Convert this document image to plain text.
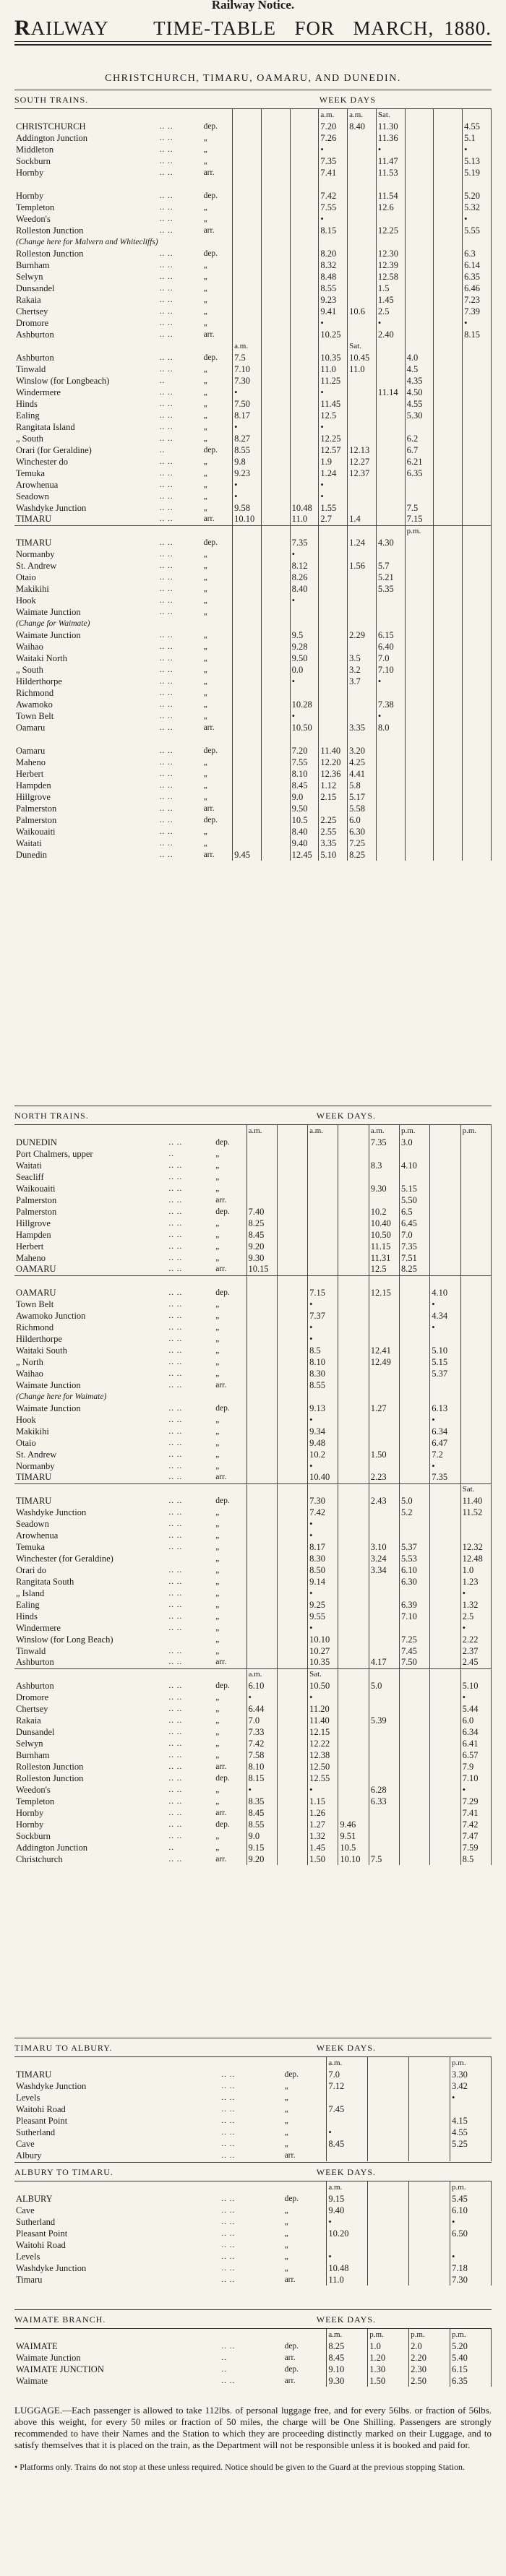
Railway Notice.
R AILWAY TIME-TABLE FOR MARCH, 1880.
CHRISTCHURCH, TIMARU, OAMARU, AND DUNEDIN.
SOUTH TRAINS.	WEEK DAYS
						a.m.	a.m.	Sat.			
CHRISTCHURCH	.. ..	dep.				7.20	8.40	11.30			4.55
Addington Junction	.. ..	„				7.26		11.36			5.1
Middleton	.. ..	„				•		•			•
Sockburn	.. ..	„				7.35		11.47			5.13
Hornby	.. ..	arr.				7.41		11.53			5.19

Hornby	.. ..	dep.				7.42		11.54			5.20
Templeton	.. ..	„				7.55		12.6			5.32
Weedon's	.. ..	„				•					•
Rolleston Junction	.. ..	arr.				8.15		12.25			5.55
(Change here for Malvern and Whitecliffs)											
Rolleston Junction	.. ..	dep.				8.20		12.30			6.3
Burnham	.. ..	„				8.32		12.39			6.14
Selwyn	.. ..	„				8.48		12.58			6.35
Dunsandel	.. ..	„				8.55		1.5			6.46
Rakaia	.. ..	„				9.23		1.45			7.23
Chertsey	.. ..	„				9.41	10.6	2.5			7.39
Dromore	.. ..	„				•		•			•
Ashburton	.. ..	arr.				10.25		2.40			8.15
			a.m.				Sat.				
Ashburton	.. ..	dep.	7.5			10.35	10.45		4.0		
Tinwald	.. ..	„	7.10			11.0	11.0		4.5		
Winslow (for Longbeach)	..	„	7.30			11.25			4.35		
Windermere	.. ..	„	•			•		11.14	4.50		
Hinds	.. ..	„	7.50			11.45			4.55		
Ealing	.. ..	„	8.17			12.5			5.30		
Rangitata Island	.. ..	„	•			•					
„ South	.. ..	„	8.27			12.25			6.2		
Orari (for Geraldine)	..	dep.	8.55			12.57	12.13		6.7		
Winchester do	.. ..	„	9.8			1.9	12.27		6.21		
Temuka	.. ..	„	9.23			1.24	12.37		6.35		
Arowhenua	.. ..	„	•			•					
Seadown	.. ..	„	•			•					
Washdyke Junction	.. ..	„	9.58		10.48	1.55			7.5		
TIMARU	.. ..	arr.	10.10		11.0	2.7	1.4		7.15		
									p.m.		
TIMARU	.. ..	dep.			7.35		1.24	4.30			
Normanby	.. ..	„			•						
St. Andrew	.. ..	„			8.12		1.56	5.7			
Otaio	.. ..	„			8.26			5.21			
Makikihi	.. ..	„			8.40			5.35			
Hook	.. ..	„			•						
Waimate Junction	.. ..	„									
(Change for Waimate)											
Waimate Junction	.. ..	„			9.5		2.29	6.15			
Waihao	.. ..	„			9.28			6.40			
Waitaki North	.. ..	„			9.50		3.5	7.0			
„ South	.. ..	„			0.0		3.2	7.10			
Hilderthorpe	.. ..	„			•		3.7	•			
Richmond	.. ..	„									
Awamoko	.. ..	„			10.28			7.38			
Town Belt	.. ..	„			•			•			
Oamaru	.. ..	arr.			10.50		3.35	8.0			

Oamaru	.. ..	dep.			7.20	11.40	3.20				
Maheno	.. ..	„			7.55	12.20	4.25				
Herbert	.. ..	„			8.10	12.36	4.41				
Hampden	.. ..	„			8.45	1.12	5.8				
Hillgrove	.. ..	„			9.0	2.15	5.17				
Palmerston	.. ..	arr.			9.50		5.58				
Palmerston	.. ..	dep.			10.5	2.25	6.0				
Waikouaiti	.. ..	„			8.40	2.55	6.30				
Waitati	.. ..	„			9.40	3.35	7.25				
Dunedin	.. ..	arr.	9.45		12.45	5.10	8.25				
NORTH TRAINS.	WEEK DAYS.
			a.m.		a.m.		a.m.	p.m.		p.m.
DUNEDIN	.. ..	dep.					7.35	3.0		
Port Chalmers, upper	..	„								
Waitati	.. ..	„					8.3	4.10		
Seacliff	.. ..	„								
Waikouaiti	.. ..	„					9.30	5.15		
Palmerston	.. ..	arr.						5.50		
Palmerston	.. ..	dep.	7.40				10.2	6.5		
Hillgrove	.. ..	„	8.25				10.40	6.45		
Hampden	.. ..	„	8.45				10.50	7.0		
Herbert	.. ..	„	9.20				11.15	7.35		
Maheno	.. ..	„	9.30				11.31	7.51		
OAMARU	.. ..	arr.	10.15				12.5	8.25		

OAMARU	.. ..	dep.			7.15		12.15		4.10	
Town Belt	.. ..	„			•				•	
Awamoko Junction	.. ..	„			7.37				4.34	
Richmond	.. ..	„			•				•	
Hilderthorpe	.. ..	„			•					
Waitaki South	.. ..	„			8.5		12.41		5.10	
„ North	.. ..	„			8.10		12.49		5.15	
Waihao	.. ..	„			8.30				5.37	
Waimate Junction	.. ..	arr.			8.55					
(Change here for Waimate)										
Waimate Junction	.. ..	dep.			9.13		1.27		6.13	
Hook	.. ..	„			•				•	
Makikihi	.. ..	„			9.34				6.34	
Otaio	.. ..	„			9.48				6.47	
St. Andrew	.. ..	„			10.2		1.50		7.2	
Normanby	.. ..	„			•				•	
TIMARU	.. ..	arr.			10.40		2.23		7.35	
										Sat.
TIMARU	.. ..	dep.			7.30		2.43	5.0		11.40
Washdyke Junction	.. ..	„			7.42			5.2		11.52
Seadown	.. ..	„			•					
Arowhenua	.. ..	„			•					
Temuka	.. ..	„			8.17		3.10	5.37		12.32
Winchester (for Geraldine)		„			8.30		3.24	5.53		12.48
Orari do	.. ..	„			8.50		3.34	6.10		1.0
Rangitata South	.. ..	„			9.14			6.30		1.23
„ Island	.. ..	„			•					•
Ealing	.. ..	„			9.25			6.39		1.32
Hinds	.. ..	„			9.55			7.10		2.5
Windermere	.. ..	„			•					•
Winslow (for Long Beach)		„			10.10			7.25		2.22
Tinwald	.. ..	„			10.27			7.45		2.37
Ashburton	.. ..	arr.			10.35		4.17	7.50		2.45
			a.m.		Sat.					
Ashburton	.. ..	dep.	6.10		10.50		5.0			5.10
Dromore	.. ..	„	•		•					•
Chertsey	.. ..	„	6.44		11.20					5.44
Rakaia	.. ..	„	7.0		11.40		5.39			6.0
Dunsandel	.. ..	„	7.33		12.15					6.34
Selwyn	.. ..	„	7.42		12.22					6.41
Burnham	.. ..	„	7.58		12.38					6.57
Rolleston Junction	.. ..	arr.	8.10		12.50					7.9
Rolleston Junction	.. ..	dep.	8.15		12.55					7.10
Weedon's	.. ..	„	•		•		6.28			•
Templeton	.. ..	„	8.35		1.15		6.33			7.29
Hornby	.. ..	arr.	8.45		1.26					7.41
Hornby	.. ..	dep.	8.55		1.27	9.46				7.42
Sockburn	.. ..	„	9.0		1.32	9.51				7.47
Addington Junction	..	„	9.15		1.45	10.5				7.59
Christchurch	.. ..	arr.	9.20		1.50	10.10	7.5			8.5
TIMARU TO ALBURY.	WEEK DAYS.
			a.m.			p.m.
TIMARU	.. ..	dep.	7.0			3.30
Washdyke Junction	.. ..	„	7.12			3.42
Levels	.. ..	„				•
Waitohi Road	.. ..	„	7.45			
Pleasant Point	.. ..	„				4.15
Sutherland	.. ..	„	•			4.55
Cave	.. ..	„	8.45			5.25
Albury	.. ..	arr.				
ALBURY TO TIMARU.	WEEK DAYS.
			a.m.			p.m.
ALBURY	.. ..	dep.	9.15			5.45
Cave	.. ..	„	9.40			6.10
Sutherland	.. ..	„	•			•
Pleasant Point	.. ..	„	10.20			6.50
Waitohi Road	.. ..	„				
Levels	.. ..	„	•			•
Washdyke Junction	.. ..	„	10.48			7.18
Timaru	.. ..	arr.	11.0			7.30
WAIMATE BRANCH.	WEEK DAYS.
			a.m.	p.m.	p.m.	p.m.
WAIMATE	.. ..	dep.	8.25	1.0	2.0	5.20
Waimate Junction	..	arr.	8.45	1.20	2.20	5.40
WAIMATE JUNCTION	..	dep.	9.10	1.30	2.30	6.15
Waimate	.. ..	arr.	9.30	1.50	2.50	6.35

LUGGAGE.—Each passenger is allowed to take 112lbs. of personal luggage free, and for every 56lbs. or fraction of 56lbs. above this weight, for every 50 miles or fraction of 50 miles, the charge will be One Shilling. Passengers are strongly recommended to have their Names and the Station to which they are proceeding distinctly marked on their Luggage, and to satisfy themselves that it is placed on the train, as the Department will not be responsible unless it is booked and paid for.

• Platforms only. Trains do not stop at these unless required. Notice should be given to the Guard at the previous stopping Station.
